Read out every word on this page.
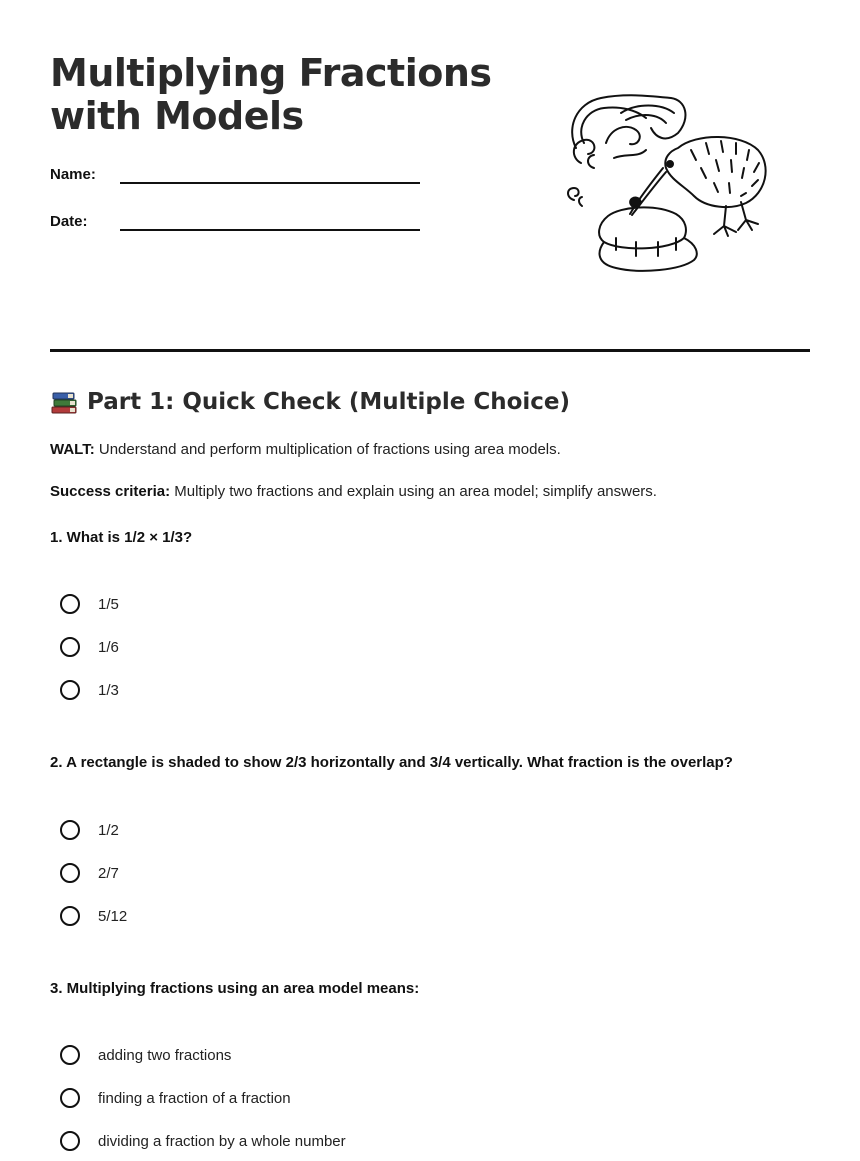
Multiplying Fractions
with Models
Name:
Date:
Part 1: Quick Check (Multiple Choice)

WALT: Understand and perform multiplication of fractions using area models.

Success criteria: Multiply two fractions and explain using an area model; simplify answers.

1. What is 1/2 × 1/3?

1/5
1/6
1/3

2. A rectangle is shaded to show 2/3 horizontally and 3/4 vertically. What fraction is the overlap?

1/2
2/7
5/12

3. Multiplying fractions using an area model means:

adding two fractions
finding a fraction of a fraction
dividing a fraction by a whole number
